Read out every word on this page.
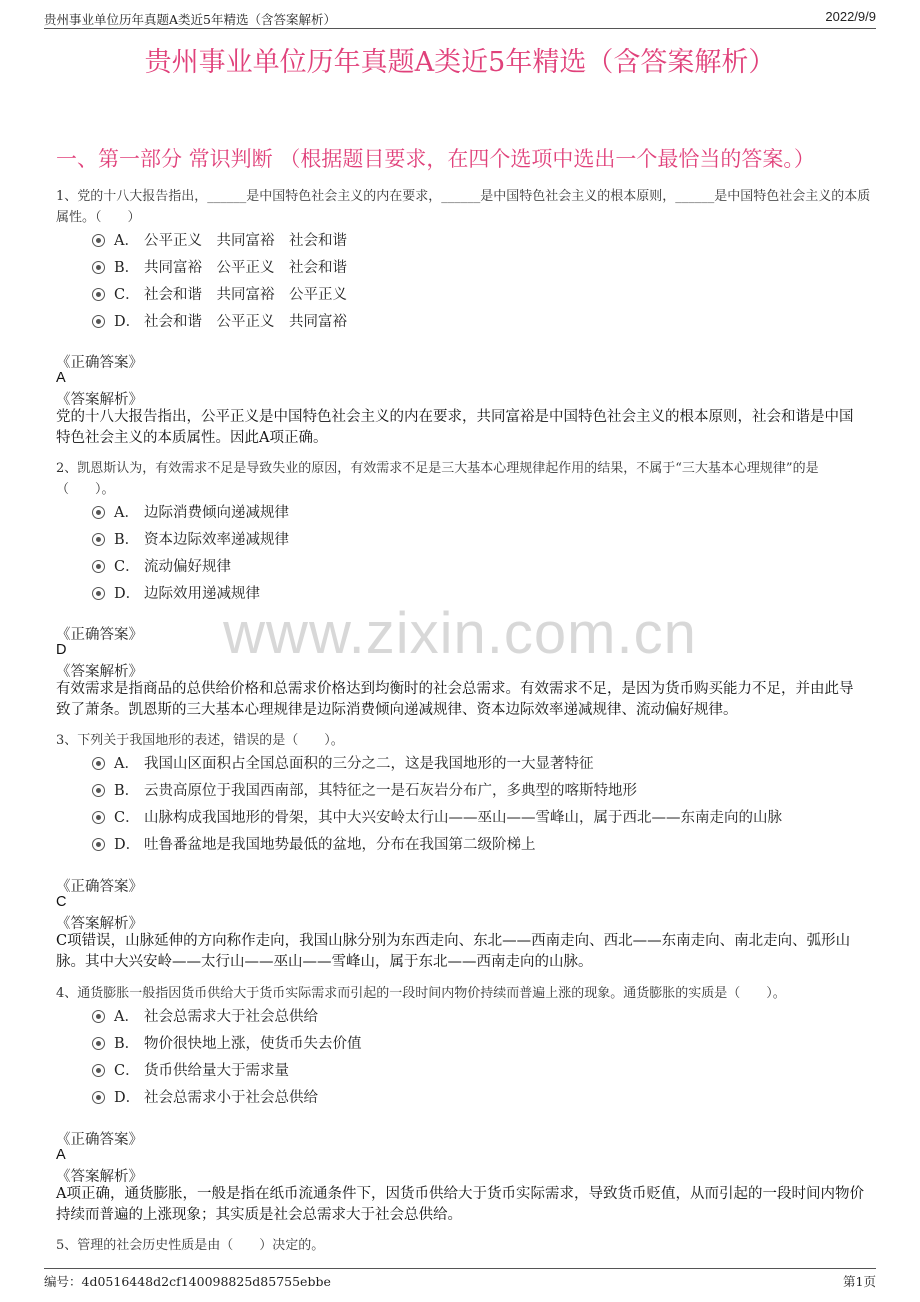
贵州事业单位历年真题A类近5年精选（含答案解析）	2022/9/9
贵州事业单位历年真题A类近5年精选（含答案解析）
一、第一部分 常识判断 （根据题目要求，在四个选项中选出一个最恰当的答案。）
www.zixin.com.cn
1、党的十八大报告指出，______是中国特色社会主义的内在要求，______是中国特色社会主义的根本原则，______是中国特色社会主义的本质属性。（　　）
A． 公平正义　共同富裕　社会和谐
B． 共同富裕　公平正义　社会和谐
C． 社会和谐　共同富裕　公平正义
D． 社会和谐　公平正义　共同富裕
《正确答案》
A
《答案解析》
党的十八大报告指出，公平正义是中国特色社会主义的内在要求，共同富裕是中国特色社会主义的根本原则，社会和谐是中国特色社会主义的本质属性。因此A项正确。
2、凯恩斯认为，有效需求不足是导致失业的原因，有效需求不足是三大基本心理规律起作用的结果，不属于“三大基本心理规律”的是（　　）。
A． 边际消费倾向递减规律
B． 资本边际效率递减规律
C． 流动偏好规律
D． 边际效用递减规律
《正确答案》
D
《答案解析》
有效需求是指商品的总供给价格和总需求价格达到均衡时的社会总需求。有效需求不足，是因为货币购买能力不足，并由此导致了萧条。凯恩斯的三大基本心理规律是边际消费倾向递减规律、资本边际效率递减规律、流动偏好规律。
3、下列关于我国地形的表述，错误的是（　　）。
A． 我国山区面积占全国总面积的三分之二，这是我国地形的一大显著特征
B． 云贵高原位于我国西南部，其特征之一是石灰岩分布广，多典型的喀斯特地形
C． 山脉构成我国地形的骨架，其中大兴安岭太行山——巫山——雪峰山，属于西北——东南走向的山脉
D． 吐鲁番盆地是我国地势最低的盆地，分布在我国第二级阶梯上
《正确答案》
C
《答案解析》
C项错误，山脉延伸的方向称作走向，我国山脉分别为东西走向、东北——西南走向、西北——东南走向、南北走向、弧形山脉。其中大兴安岭——太行山——巫山——雪峰山，属于东北——西南走向的山脉。
4、通货膨胀一般指因货币供给大于货币实际需求而引起的一段时间内物价持续而普遍上涨的现象。通货膨胀的实质是（　　）。
A． 社会总需求大于社会总供给
B． 物价很快地上涨，使货币失去价值
C． 货币供给量大于需求量
D． 社会总需求小于社会总供给
《正确答案》
A
《答案解析》
A项正确，通货膨胀，一般是指在纸币流通条件下，因货币供给大于货币实际需求，导致货币贬值，从而引起的一段时间内物价持续而普遍的上涨现象；其实质是社会总需求大于社会总供给。
5、管理的社会历史性质是由（　　）决定的。
编号：4d0516448d2cf140098825d85755ebbe	第1页
